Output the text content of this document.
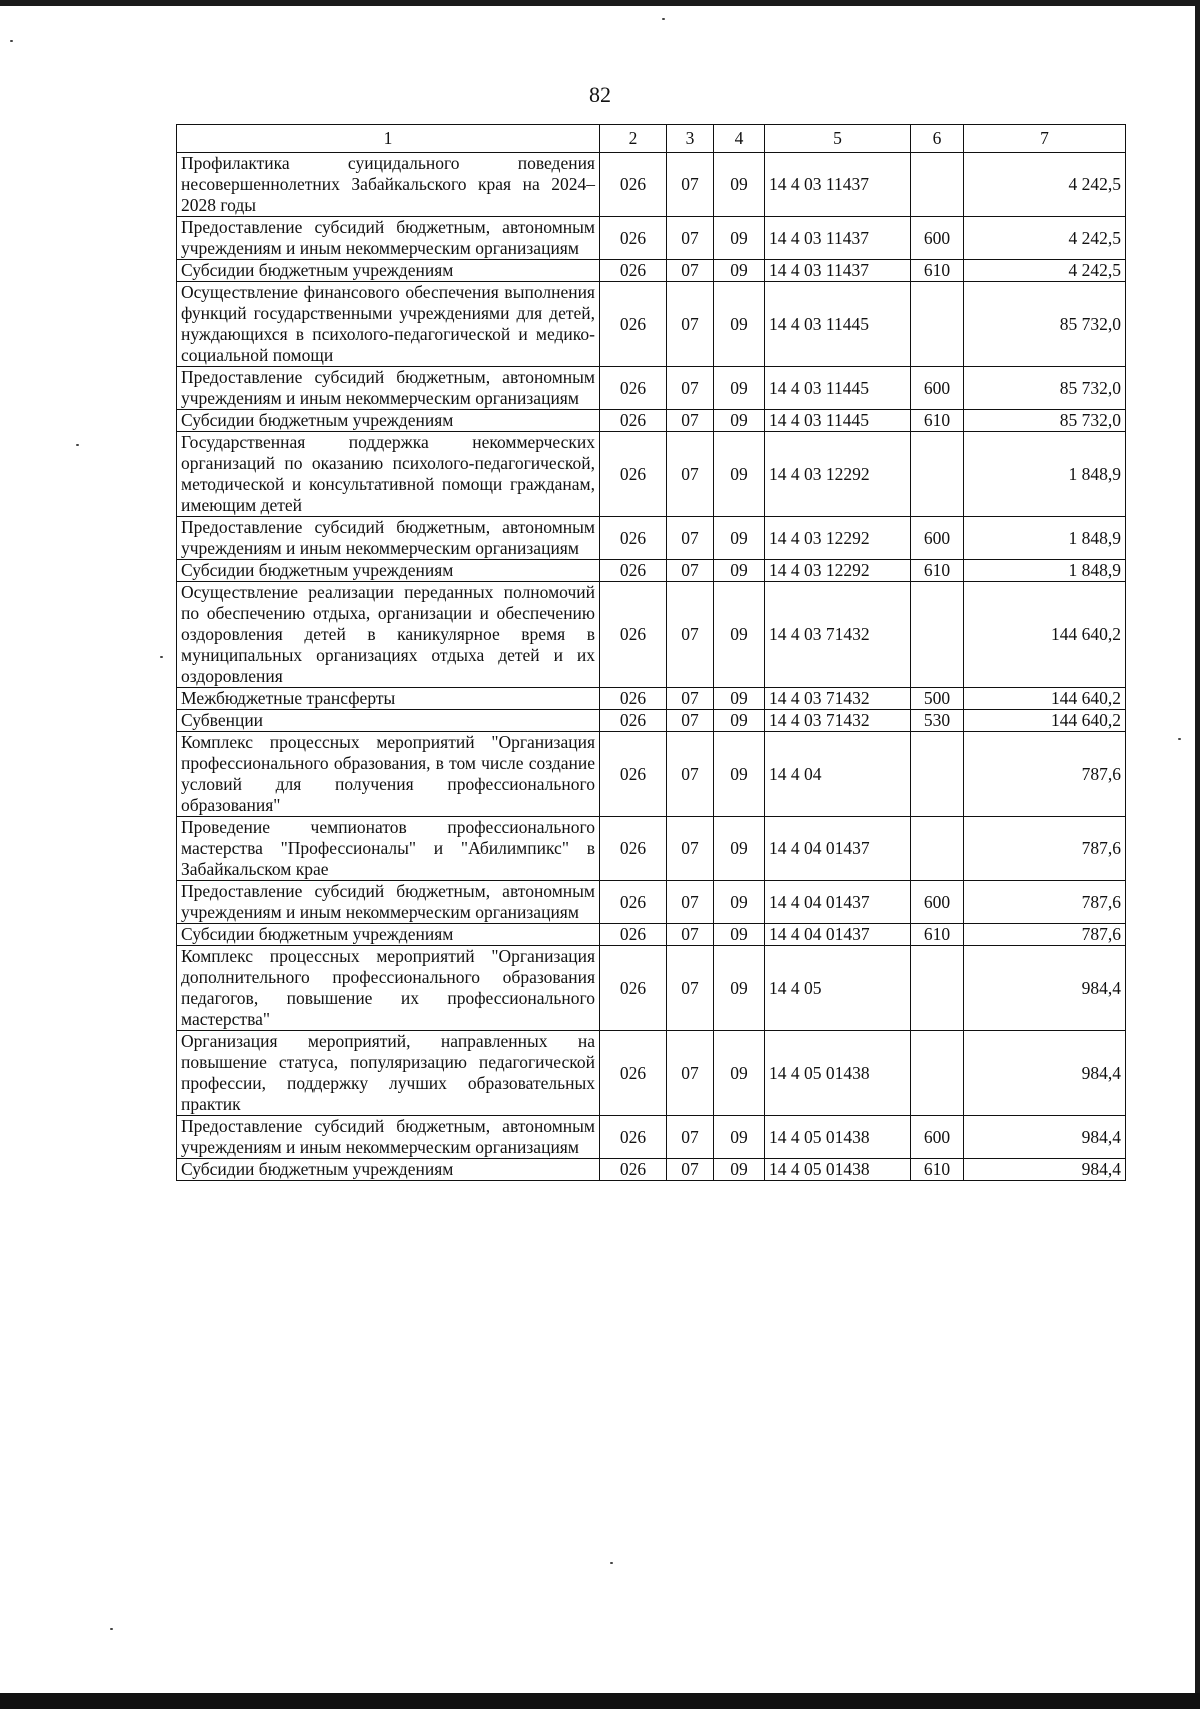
82
1	2	3	4	5	6	7
Профилактика суицидального поведения несовершеннолетних Забайкальского края на 2024–2028 годы	026	07	09	14 4 03 11437		4 242,5
Предоставление субсидий бюджетным, автономным учреждениям и иным некоммерческим организациям	026	07	09	14 4 03 11437	600	4 242,5
Субсидии бюджетным учреждениям	026	07	09	14 4 03 11437	610	4 242,5
Осуществление финансового обеспечения выполнения функций государственными учреждениями для детей, нуждающихся в психолого-педагогической и медико-социальной помощи	026	07	09	14 4 03 11445		85 732,0
Предоставление субсидий бюджетным, автономным учреждениям и иным некоммерческим организациям	026	07	09	14 4 03 11445	600	85 732,0
Субсидии бюджетным учреждениям	026	07	09	14 4 03 11445	610	85 732,0
Государственная поддержка некоммерческих организаций по оказанию психолого-педагогической, методической и консультативной помощи гражданам, имеющим детей	026	07	09	14 4 03 12292		1 848,9
Предоставление субсидий бюджетным, автономным учреждениям и иным некоммерческим организациям	026	07	09	14 4 03 12292	600	1 848,9
Субсидии бюджетным учреждениям	026	07	09	14 4 03 12292	610	1 848,9
Осуществление реализации переданных полномочий по обеспечению отдыха, организации и обеспечению оздоровления детей в каникулярное время в муниципальных организациях отдыха детей и их оздоровления	026	07	09	14 4 03 71432		144 640,2
Межбюджетные трансферты	026	07	09	14 4 03 71432	500	144 640,2
Субвенции	026	07	09	14 4 03 71432	530	144 640,2
Комплекс процессных мероприятий "Организация профессионального образования, в том числе создание условий для получения профессионального образования"	026	07	09	14 4 04		787,6
Проведение чемпионатов профессионального мастерства "Профессионалы" и "Абилимпикс" в Забайкальском крае	026	07	09	14 4 04 01437		787,6
Предоставление субсидий бюджетным, автономным учреждениям и иным некоммерческим организациям	026	07	09	14 4 04 01437	600	787,6
Субсидии бюджетным учреждениям	026	07	09	14 4 04 01437	610	787,6
Комплекс процессных мероприятий "Организация дополнительного профессионального образования педагогов, повышение их профессионального мастерства"	026	07	09	14 4 05		984,4
Организация мероприятий, направленных на повышение статуса, популяризацию педагогической профессии, поддержку лучших образовательных практик	026	07	09	14 4 05 01438		984,4
Предоставление субсидий бюджетным, автономным учреждениям и иным некоммерческим организациям	026	07	09	14 4 05 01438	600	984,4
Субсидии бюджетным учреждениям	026	07	09	14 4 05 01438	610	984,4
